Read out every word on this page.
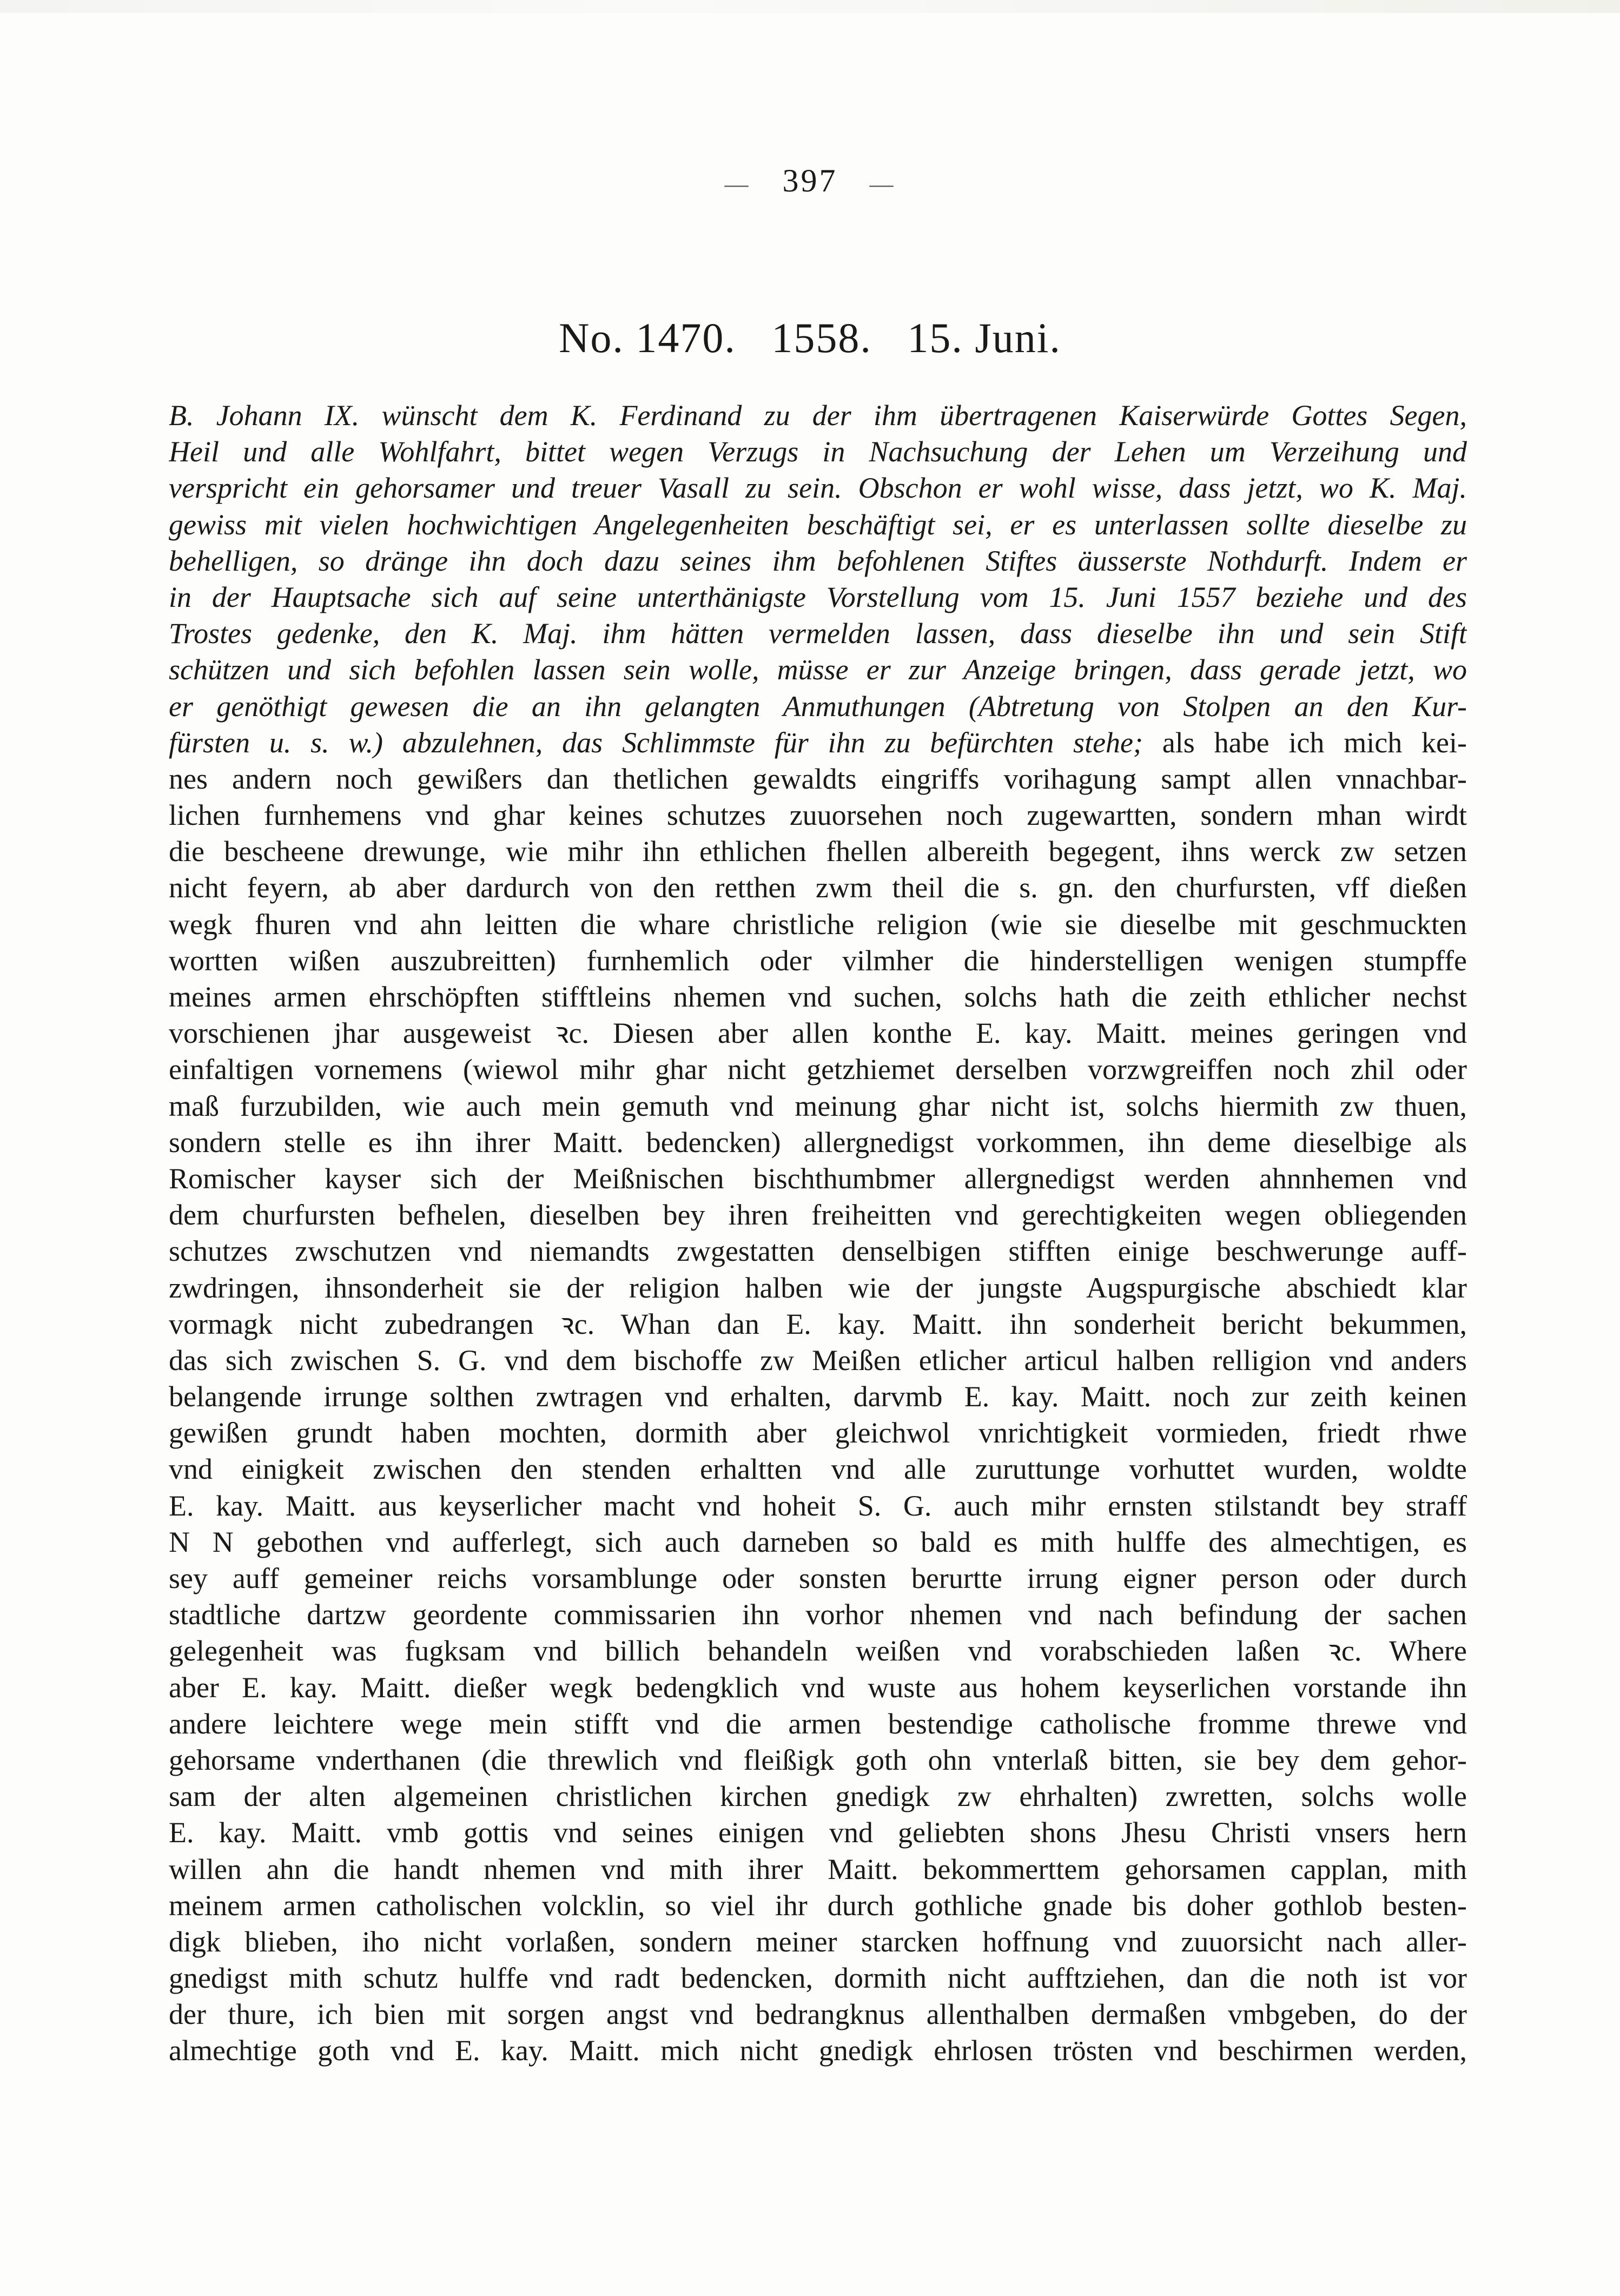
— 397 —
No. 1470. 1558. 15. Juni.
B. Johann IX. wünscht dem K. Ferdinand zu der ihm übertragenen Kaiserwürde Gottes Segen,
Heil und alle Wohlfahrt, bittet wegen Verzugs in Nachsuchung der Lehen um Verzeihung und
verspricht ein gehorsamer und treuer Vasall zu sein. Obschon er wohl wisse, dass jetzt, wo K. Maj.
gewiss mit vielen hochwichtigen Angelegenheiten beschäftigt sei, er es unterlassen sollte dieselbe zu
behelligen, so dränge ihn doch dazu seines ihm befohlenen Stiftes äusserste Nothdurft. Indem er
in der Hauptsache sich auf seine unterthänigste Vorstellung vom 15. Juni 1557 beziehe und des
Trostes gedenke, den K. Maj. ihm hätten vermelden lassen, dass dieselbe ihn und sein Stift
schützen und sich befohlen lassen sein wolle, müsse er zur Anzeige bringen, dass gerade jetzt, wo
er genöthigt gewesen die an ihn gelangten Anmuthungen (Abtretung von Stolpen an den Kur-
fürsten u. s. w.) abzulehnen, das Schlimmste für ihn zu befürchten stehe; als habe ich mich kei-
nes andern noch gewißers dan thetlichen gewaldts eingriffs vorihagung sampt allen vnnachbar-
lichen furnhemens vnd ghar keines schutzes zuuorsehen noch zugewartten, sondern mhan wirdt
die bescheene drewunge, wie mihr ihn ethlichen fhellen albereith begegent, ihns werck zw setzen
nicht feyern, ab aber dardurch von den retthen zwm theil die s. gn. den churfursten, vff dießen
wegk fhuren vnd ahn leitten die whare christliche religion (wie sie dieselbe mit geschmuckten
wortten wißen auszubreitten) furnhemlich oder vilmher die hinderstelligen wenigen stumpffe
meines armen ehrschöpften stifftleins nhemen vnd suchen, solchs hath die zeith ethlicher nechst
vorschienen jhar ausgeweist ꝛc. Diesen aber allen konthe E. kay. Maitt. meines geringen vnd
einfaltigen vornemens (wiewol mihr ghar nicht getzhiemet derselben vorzwgreiffen noch zhil oder
maß furzubilden, wie auch mein gemuth vnd meinung ghar nicht ist, solchs hiermith zw thuen,
sondern stelle es ihn ihrer Maitt. bedencken) allergnedigst vorkommen, ihn deme dieselbige als
Romischer kayser sich der Meißnischen bischthumbmer allergnedigst werden ahnnhemen vnd
dem churfursten befhelen, dieselben bey ihren freiheitten vnd gerechtigkeiten wegen obliegenden
schutzes zwschutzen vnd niemandts zwgestatten denselbigen stifften einige beschwerunge auff-
zwdringen, ihnsonderheit sie der religion halben wie der jungste Augspurgische abschiedt klar
vormagk nicht zubedrangen ꝛc. Whan dan E. kay. Maitt. ihn sonderheit bericht bekummen,
das sich zwischen S. G. vnd dem bischoffe zw Meißen etlicher articul halben relligion vnd anders
belangende irrunge solthen zwtragen vnd erhalten, darvmb E. kay. Maitt. noch zur zeith keinen
gewißen grundt haben mochten, dormith aber gleichwol vnrichtigkeit vormieden, friedt rhwe
vnd einigkeit zwischen den stenden erhaltten vnd alle zuruttunge vorhuttet wurden, woldte
E. kay. Maitt. aus keyserlicher macht vnd hoheit S. G. auch mihr ernsten stilstandt bey straff
N N gebothen vnd aufferlegt, sich auch darneben so bald es mith hulffe des almechtigen, es
sey auff gemeiner reichs vorsamblunge oder sonsten berurtte irrung eigner person oder durch
stadtliche dartzw geordente commissarien ihn vorhor nhemen vnd nach befindung der sachen
gelegenheit was fugksam vnd billich behandeln weißen vnd vorabschieden laßen ꝛc. Where
aber E. kay. Maitt. dießer wegk bedengklich vnd wuste aus hohem keyserlichen vorstande ihn
andere leichtere wege mein stifft vnd die armen bestendige catholische fromme threwe vnd
gehorsame vnderthanen (die threwlich vnd fleißigk goth ohn vnterlaß bitten, sie bey dem gehor-
sam der alten algemeinen christlichen kirchen gnedigk zw ehrhalten) zwretten, solchs wolle
E. kay. Maitt. vmb gottis vnd seines einigen vnd geliebten shons Jhesu Christi vnsers hern
willen ahn die handt nhemen vnd mith ihrer Maitt. bekommerttem gehorsamen capplan, mith
meinem armen catholischen volcklin, so viel ihr durch gothliche gnade bis doher gothlob besten-
digk blieben, iho nicht vorlaßen, sondern meiner starcken hoffnung vnd zuuorsicht nach aller-
gnedigst mith schutz hulffe vnd radt bedencken, dormith nicht aufftziehen, dan die noth ist vor
der thure, ich bien mit sorgen angst vnd bedrangknus allenthalben dermaßen vmbgeben, do der
almechtige goth vnd E. kay. Maitt. mich nicht gnedigk ehrlosen trösten vnd beschirmen werden,
